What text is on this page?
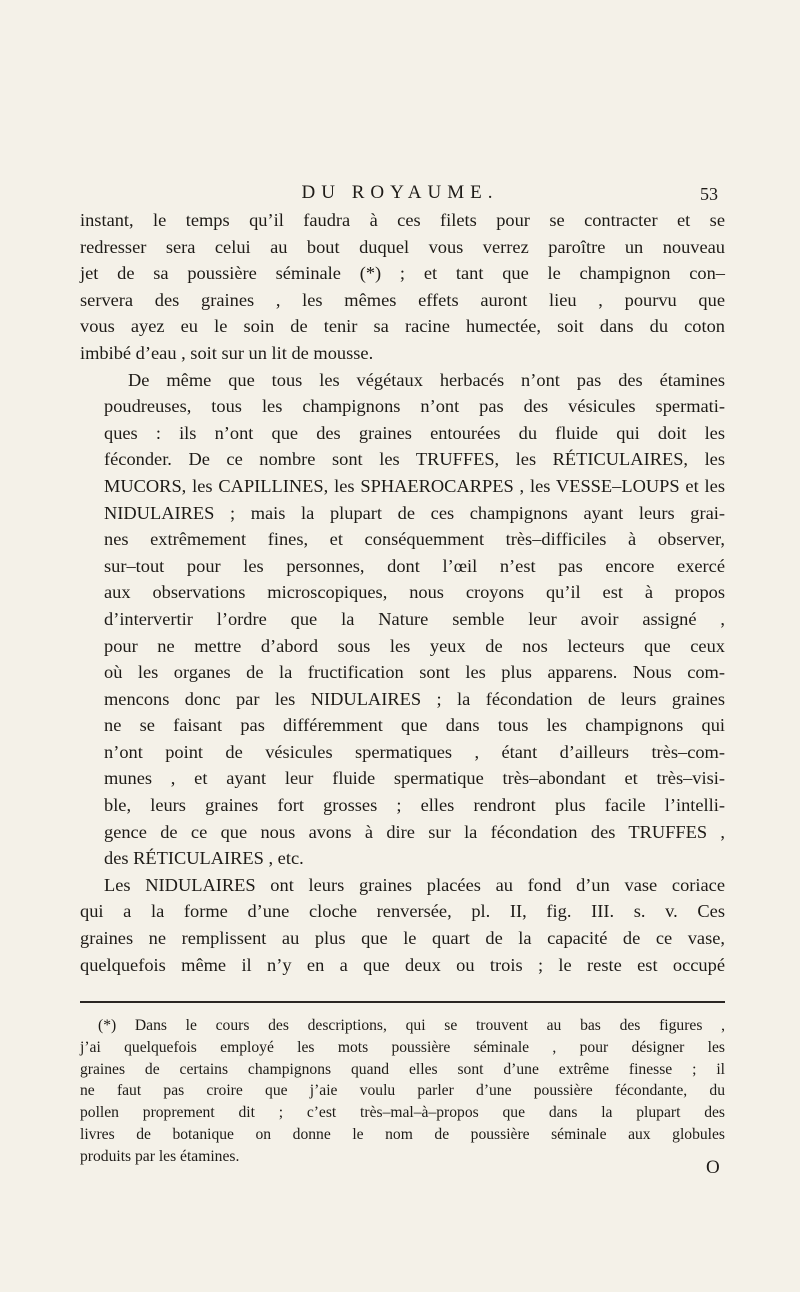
DU ROYAUME.	53

instant, le temps qu’il faudra à ces filets pour se contracter et se
redresser sera celui au bout duquel vous verrez paroître un nouveau
jet de sa poussière séminale (*) ; et tant que le champignon con–
servera des graines , les mêmes effets auront lieu , pourvu que
vous ayez eu le soin de tenir sa racine humectée, soit dans du coton
imbibé d’eau , soit sur un lit de mousse.

De même que tous les végétaux herbacés n’ont pas des étamines
poudreuses, tous les champignons n’ont pas des vésicules spermati-
ques : ils n’ont que des graines entourées du fluide qui doit les
féconder. De ce nombre sont les TRUFFES, les RÉTICULAIRES, les
MUCORS, les CAPILLINES, les SPHAEROCARPES , les VESSE–LOUPS et les
NIDULAIRES ; mais la plupart de ces champignons ayant leurs grai-
nes extrêmement fines, et conséquemment très–difficiles à observer,
sur–tout pour les personnes, dont l’œil n’est pas encore exercé
aux observations microscopiques, nous croyons qu’il est à propos
d’intervertir l’ordre que la Nature semble leur avoir assigné ,
pour ne mettre d’abord sous les yeux de nos lecteurs que ceux
où les organes de la fructification sont les plus apparens. Nous com-
mencons donc par les NIDULAIRES ; la fécondation de leurs graines
ne se faisant pas différemment que dans tous les champignons qui
n’ont point de vésicules spermatiques , étant d’ailleurs très–com-
munes , et ayant leur fluide spermatique très–abondant et très–visi-
ble, leurs graines fort grosses ; elles rendront plus facile l’intelli-
gence de ce que nous avons à dire sur la fécondation des TRUFFES ,
des RÉTICULAIRES , etc.

Les NIDULAIRES ont leurs graines placées au fond d’un vase coriace
qui a la forme d’une cloche renversée, pl. II, fig. III. s. v. Ces
graines ne remplissent au plus que le quart de la capacité de ce vase,
quelquefois même il n’y en a que deux ou trois ; le reste est occupé

(*) Dans le cours des descriptions, qui se trouvent au bas des figures ,
j’ai quelquefois employé les mots poussière séminale , pour désigner les
graines de certains champignons quand elles sont d’une extrême finesse ; il
ne faut pas croire que j’aie voulu parler d’une poussière fécondante, du
pollen proprement dit ; c’est très–mal–à–propos que dans la plupart des
livres de botanique on donne le nom de poussière séminale aux globules
produits par les étamines.
O
